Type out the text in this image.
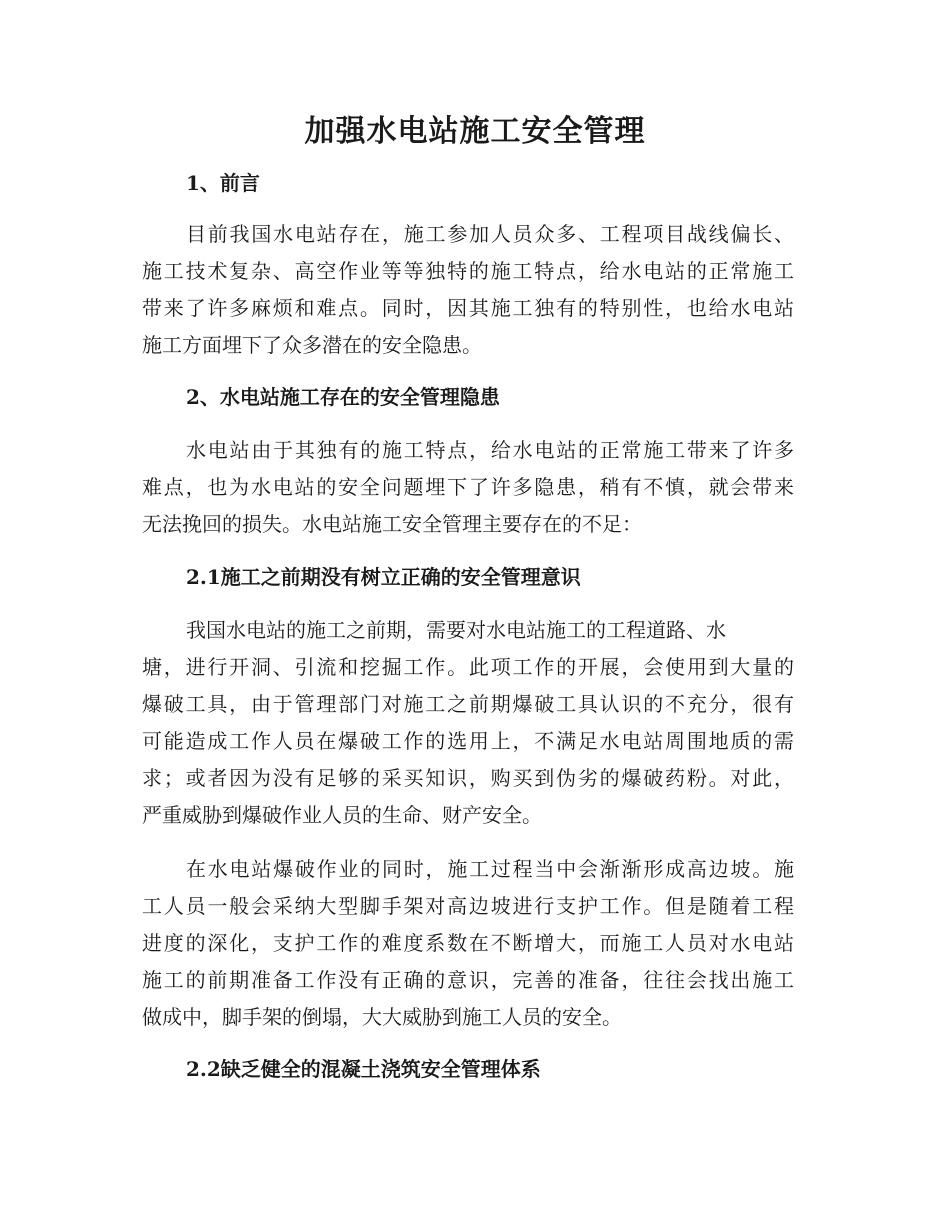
加强水电站施工安全管理
1、前言
目前我国水电站存在，施工参加人员众多、工程项目战线偏长、
施工技术复杂、高空作业等等独特的施工特点，给水电站的正常施工
带来了许多麻烦和难点。同时，因其施工独有的特别性，也给水电站
施工方面埋下了众多潜在的安全隐患。
2、水电站施工存在的安全管理隐患
水电站由于其独有的施工特点，给水电站的正常施工带来了许多
难点，也为水电站的安全问题埋下了许多隐患，稍有不慎，就会带来
无法挽回的损失。水电站施工安全管理主要存在的不足：
2.1施工之前期没有树立正确的安全管理意识
我国水电站的施工之前期，需要对水电站施工的工程道路、水
塘，进行开洞、引流和挖掘工作。此项工作的开展，会使用到大量的
爆破工具，由于管理部门对施工之前期爆破工具认识的不充分，很有
可能造成工作人员在爆破工作的选用上，不满足水电站周围地质的需
求；或者因为没有足够的采买知识，购买到伪劣的爆破药粉。对此，
严重威胁到爆破作业人员的生命、财产安全。
在水电站爆破作业的同时，施工过程当中会渐渐形成高边坡。施
工人员一般会采纳大型脚手架对高边坡进行支护工作。但是随着工程
进度的深化，支护工作的难度系数在不断增大，而施工人员对水电站
施工的前期准备工作没有正确的意识，完善的准备，往往会找出施工
做成中，脚手架的倒塌，大大威胁到施工人员的安全。
2.2缺乏健全的混凝土浇筑安全管理体系
